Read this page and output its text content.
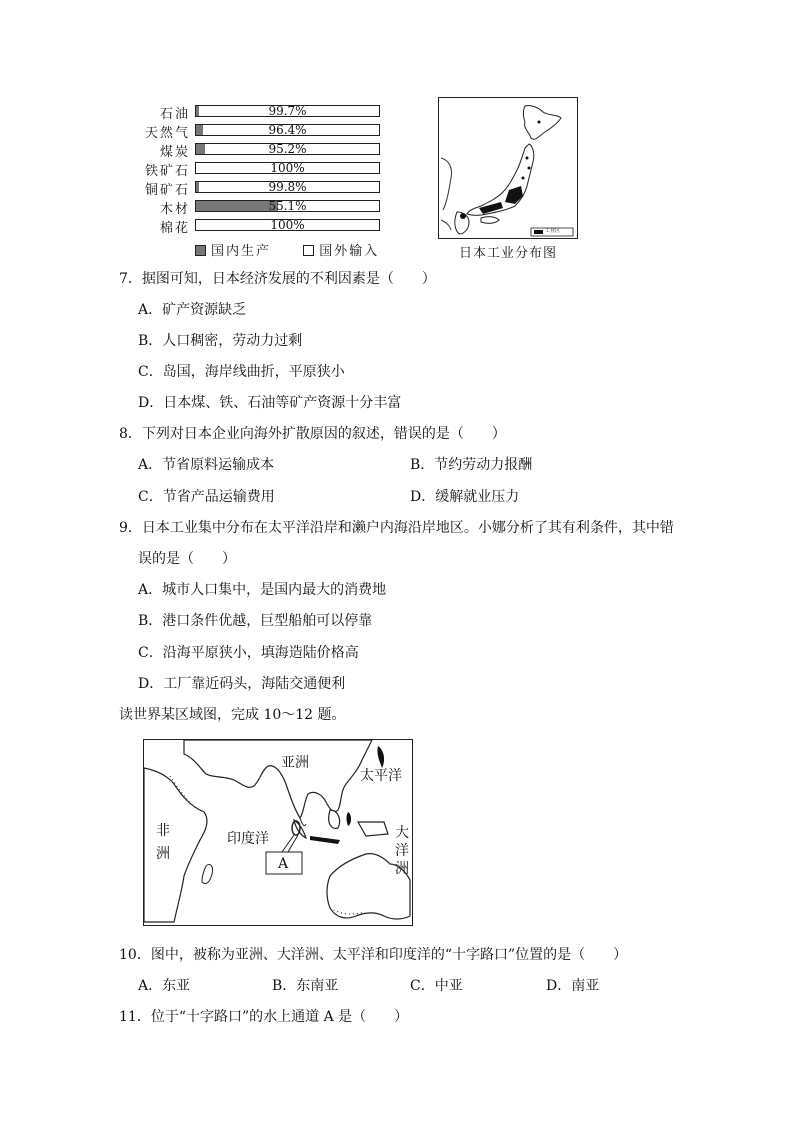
石油	99.7%
天然气	96.4%
煤炭	95.2%
铁矿石	100%
铜矿石	99.8%
木材	55.1%
棉花	100%
国内生产	国外输入
工业区
日本工业分布图
7．据图可知，日本经济发展的不利因素是（　　）
A．矿产资源缺乏
B．人口稠密，劳动力过剩
C．岛国，海岸线曲折，平原狭小
D．日本煤、铁、石油等矿产资源十分丰富
8．下列对日本企业向海外扩散原因的叙述，错误的是（　　）
A．节省原料运输成本	B．节约劳动力报酬
C．节省产品运输费用	D．缓解就业压力
9．日本工业集中分布在太平洋沿岸和濑户内海沿岸地区。小娜分析了其有利条件，其中错
误的是（　　）
A．城市人口集中，是国内最大的消费地
B．港口条件优越，巨型船舶可以停靠
C．沿海平原狭小，填海造陆价格高
D．工厂靠近码头，海陆交通便利
读世界某区域图，完成 10～12 题。
亚洲
太平洋
非
洲
印度洋	大
洋
洲
A
10．图中，被称为亚洲、大洋洲、太平洋和印度洋的“十字路口”位置的是（　　）
A．东亚	B．东南亚	C．中亚	D．南亚
11．位于“十字路口”的水上通道 A 是（　　）
